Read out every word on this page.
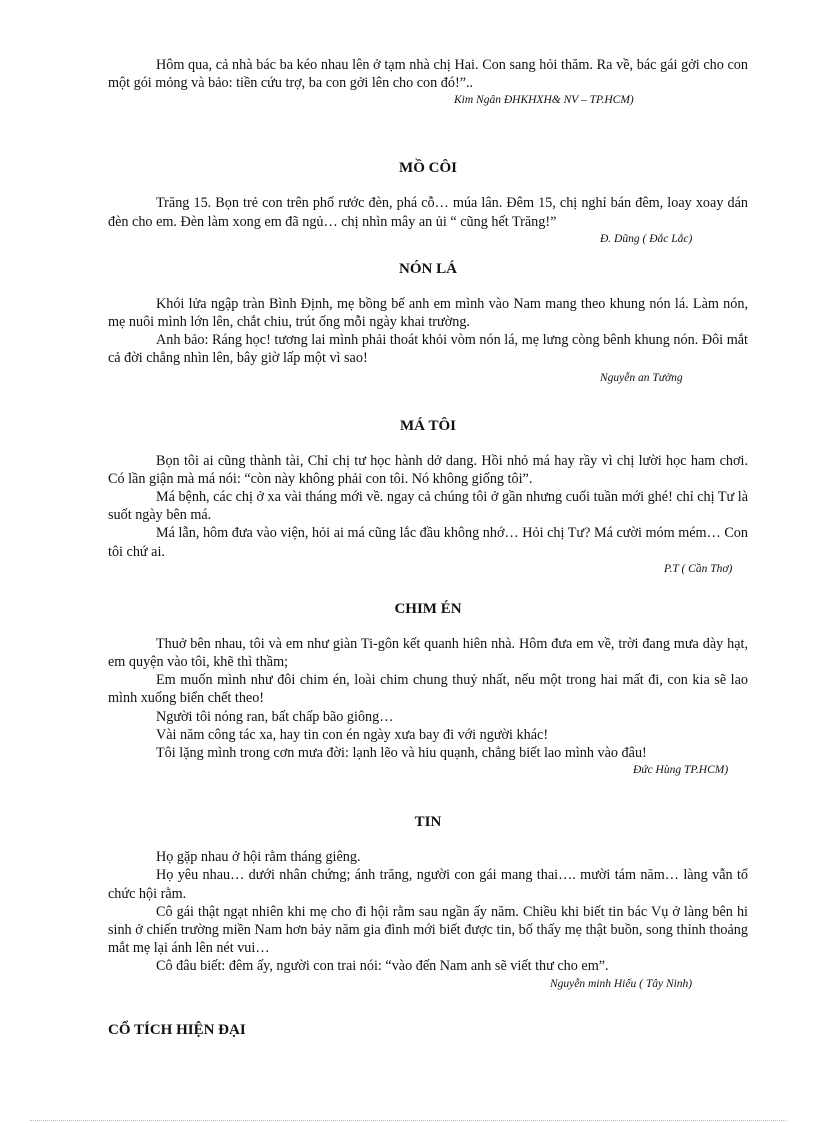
Hôm qua, cả nhà bác ba kéo nhau lên ở tạm nhà chị Hai. Con sang hỏi thăm. Ra về, bác gái gởi cho con một gói mỏng và bảo: tiền cứu trợ, ba con gởi lên cho con đó!”..

Kim Ngân ĐHKHXH& NV – TP.HCM)

MỒ CÔI

Trăng 15. Bọn trẻ con trên phố rước đèn, phá cỗ… múa lân. Đêm 15, chị nghỉ bán đêm, loay xoay dán đèn cho em. Đèn làm xong em đã ngủ… chị nhìn mây an ủi “ cũng hết Trăng!”

Đ. Dũng ( Đắc Lắc)

NÓN LÁ

Khói lửa ngập tràn Bình Định, mẹ bồng bế anh em mình vào Nam mang theo khung nón lá. Làm nón, mẹ nuôi mình lớn lên, chắt chiu, trút ống mỗi ngày khai trường.

Anh bảo: Ráng học! tương lai mình phải thoát khỏi vòm nón lá, mẹ lưng còng bênh khung nón. Đôi mắt cả đời chẳng nhìn lên, bây giờ lấp một vì sao!

Nguyễn an Tường

MÁ TÔI

Bọn tôi ai cũng thành tài, Chỉ chị tư học hành dở dang. Hồi nhỏ má hay rầy vì chị lười học ham chơi. Có lần giận mà má nói: “còn này không phải con tôi. Nó không giống tôi”.

Má bệnh, các chị ở xa vài tháng mới về. ngay cả chúng tôi ở gần nhưng cuối tuần mới ghé! chỉ chị Tư là suốt ngày bên má.

Má lẫn, hôm đưa vào viện, hỏi ai má cũng lắc đầu không nhớ… Hỏi chị Tư? Má cười móm mém… Con tôi chứ ai.

P.T ( Cần Thơ)

CHIM ÉN

Thuở bên nhau, tôi và em như giàn Ti-gôn kết quanh hiên nhà. Hôm đưa em về, trời đang mưa dày hạt, em quyện vào tôi, khẽ thì thầm;

Em muốn mình như đôi chim én, loài chim chung thuỷ nhất, nếu một trong hai mất đi, con kia sẽ lao mình xuống biển chết theo!

Người tôi nóng ran, bất chấp bão giông…

Vài năm công tác xa, hay tin con én ngày xưa bay đi với người khác!

Tôi lặng mình trong cơn mưa đời: lạnh lẽo và hiu quạnh, chẳng biết lao mình vào đâu!

Đức Hùng TP.HCM)

TIN

Họ gặp nhau ở hội rằm tháng giêng.

Họ yêu nhau… dưới nhân chứng; ánh trăng, người con gái mang thai…. mười tám năm… làng vẫn tổ chức hội rằm.

Cô gái thật ngạt nhiên khi mẹ cho đi hội rằm sau ngần ấy năm. Chiều khi biết tin bác Vụ ở làng bên hi sinh ở chiến trường miền Nam hơn bảy năm gia đình mới biết được tin, bố thấy mẹ thật buồn, song thỉnh thoảng mắt mẹ lại ánh lên nét vui…

Cô đâu biết: đêm ấy, người con trai nói: “vào đến Nam anh sẽ viết thư cho em”.

Nguyễn minh Hiếu ( Tây Ninh)

CỔ TÍCH HIỆN ĐẠI
